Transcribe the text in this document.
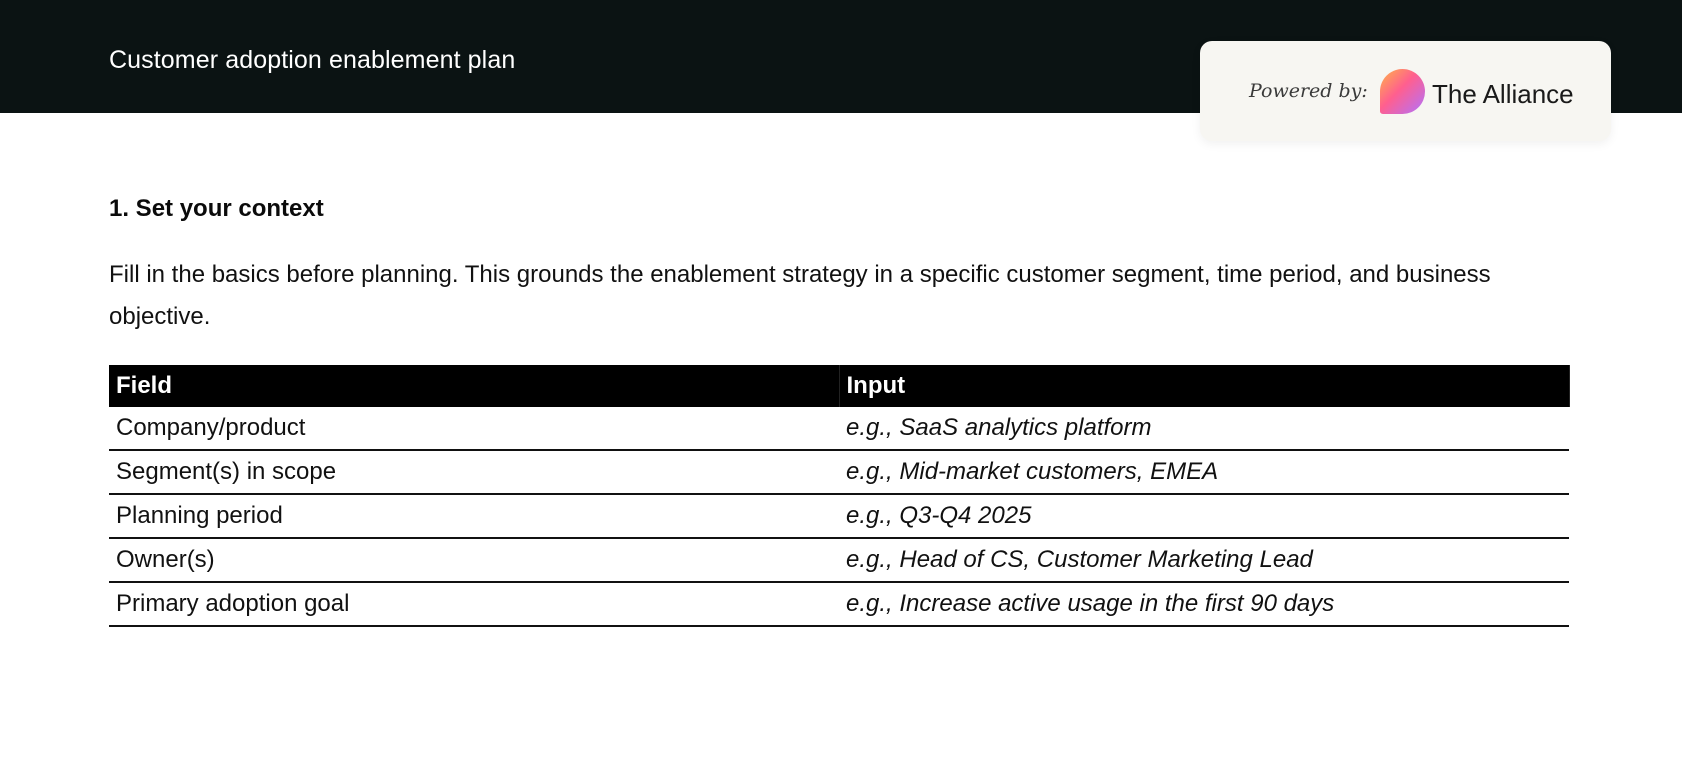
Customer adoption enablement plan
Powered by: The Alliance
1. Set your context
Fill in the basics before planning. This grounds the enablement strategy in a specific customer segment, time period, and business objective.
Field	Input
Company/product	e.g., SaaS analytics platform
Segment(s) in scope	e.g., Mid-market customers, EMEA
Planning period	e.g., Q3-Q4 2025
Owner(s)	e.g., Head of CS, Customer Marketing Lead
Primary adoption goal	e.g., Increase active usage in the first 90 days
